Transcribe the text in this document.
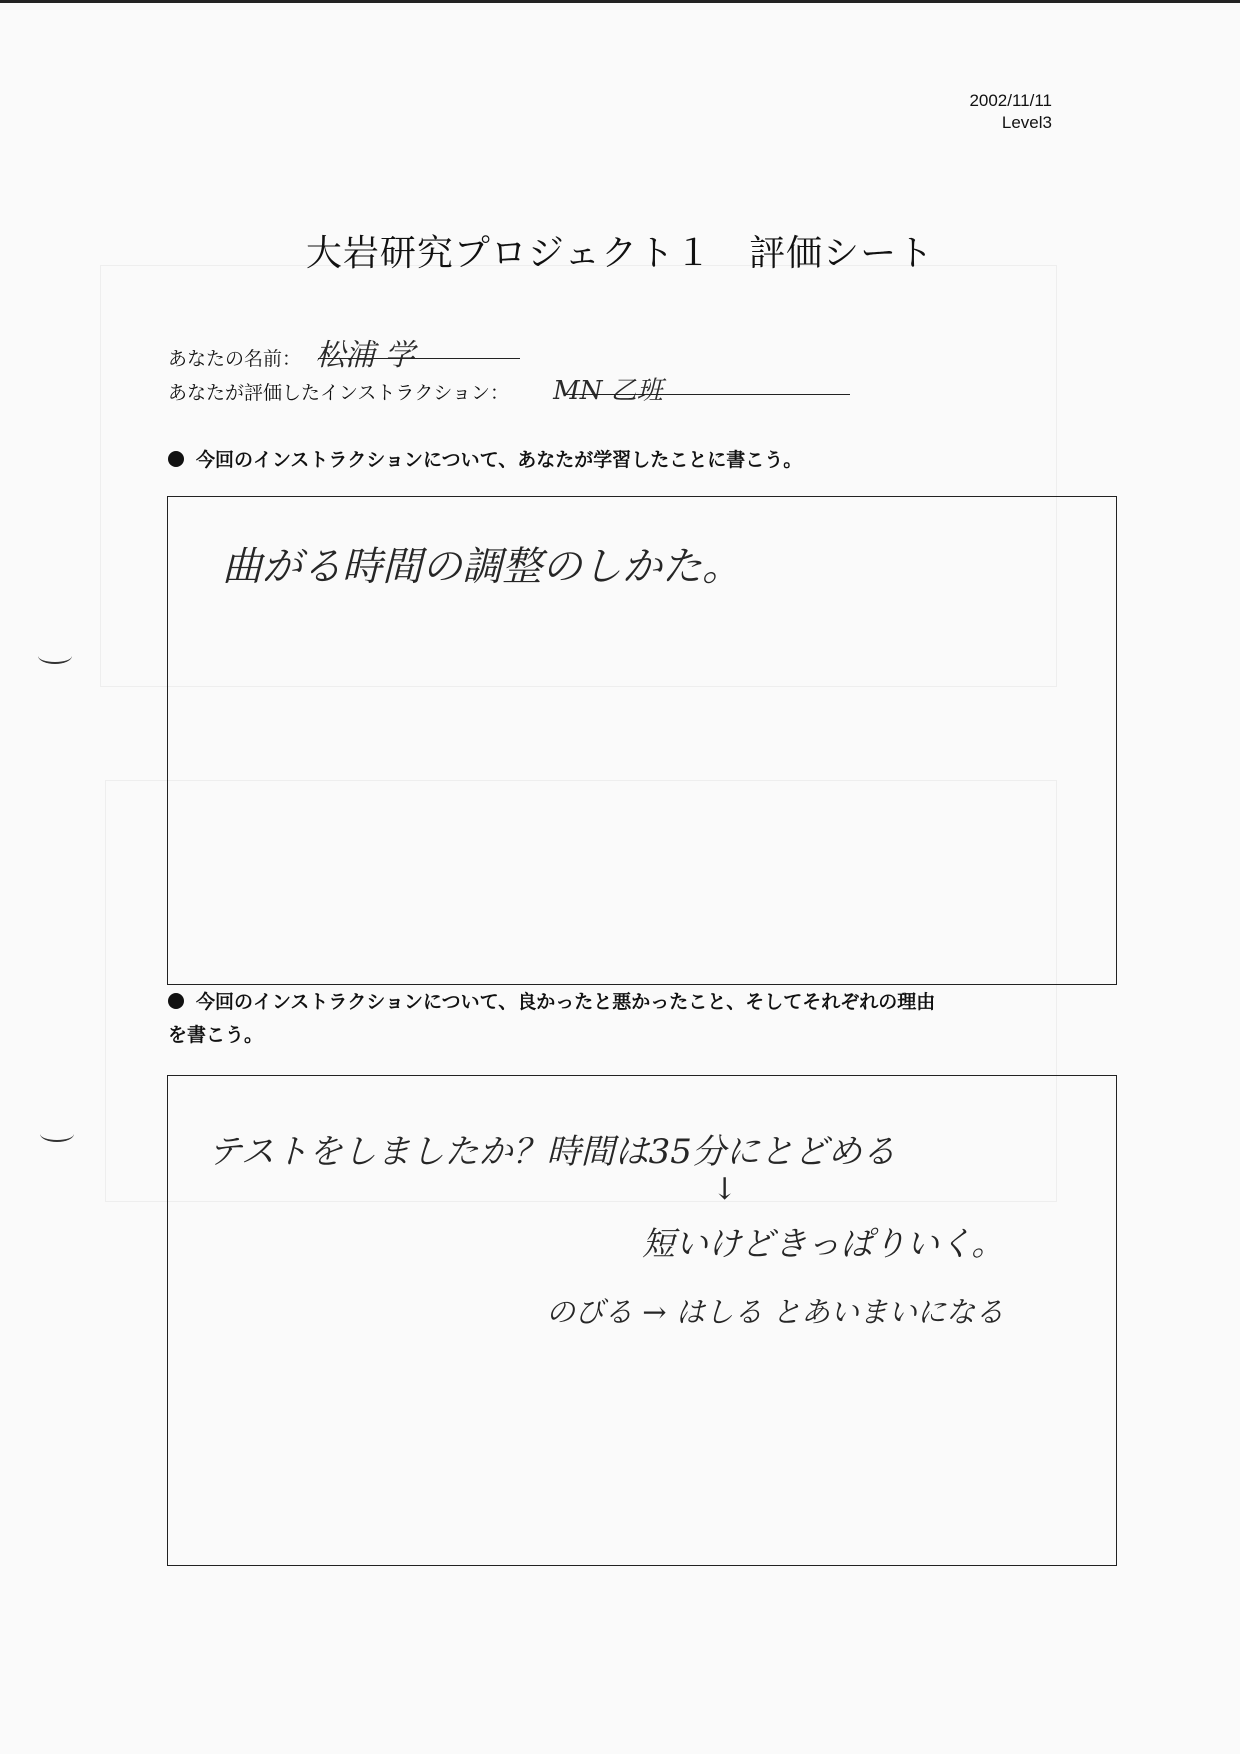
2002/11/11
Level3
大岩研究プロジェクト１　評価シート
あなたの名前： 松浦 学
あなたが評価したインストラクション： MN 乙班
今回のインストラクションについて、あなたが学習したことに書こう。
曲がる時間の調整のしかた。
今回のインストラクションについて、良かったと悪かったこと、そしてそれぞれの理由
を書こう。
テストをしましたか？時間は35分にとどめる
↓
短いけどきっぱりいく。
のびる → はしる とあいまいになる
